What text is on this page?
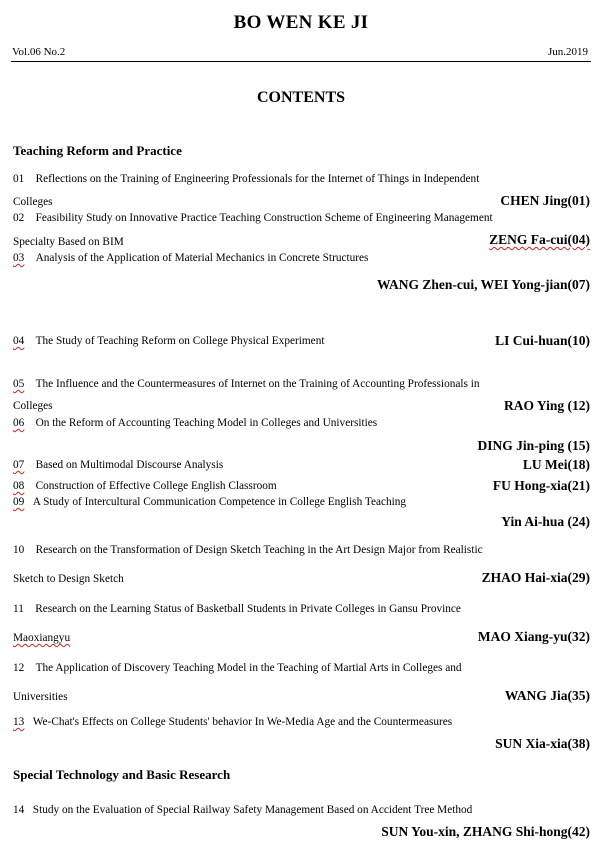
BO WEN KE JI
Vol.06 No.2	Jun.2019
CONTENTS
Teaching Reform and Practice
01 Reflections on the Training of Engineering Professionals for the Internet of Things in Independent
Colleges	CHEN Jing(01)
02 Feasibility Study on Innovative Practice Teaching Construction Scheme of Engineering Management
Specialty Based on BIM	ZENG Fa-cui(04)
03 Analysis of the Application of Material Mechanics in Concrete Structures
WANG Zhen-cui, WEI Yong-jian(07)
04 The Study of Teaching Reform on College Physical Experiment	LI Cui-huan(10)
05 The Influence and the Countermeasures of Internet on the Training of Accounting Professionals in
Colleges	RAO Ying (12)
06 On the Reform of Accounting Teaching Model in Colleges and Universities
DING Jin-ping (15)
07 Based on Multimodal Discourse Analysis	LU Mei(18)
08 Construction of Effective College English Classroom	FU Hong-xia(21)
09 A Study of Intercultural Communication Competence in College English Teaching
Yin Ai-hua (24)
10 Research on the Transformation of Design Sketch Teaching in the Art Design Major from Realistic
Sketch to Design Sketch	ZHAO Hai-xia(29)
11 Research on the Learning Status of Basketball Students in Private Colleges in Gansu Province
Maoxiangyu	MAO Xiang-yu(32)
12 The Application of Discovery Teaching Model in the Teaching of Martial Arts in Colleges and
Universities	WANG Jia(35)
13 We-Chat's Effects on College Students' behavior In We-Media Age and the Countermeasures
SUN Xia-xia(38)
Special Technology and Basic Research
14 Study on the Evaluation of Special Railway Safety Management Based on Accident Tree Method
SUN You-xin, ZHANG Shi-hong(42)
